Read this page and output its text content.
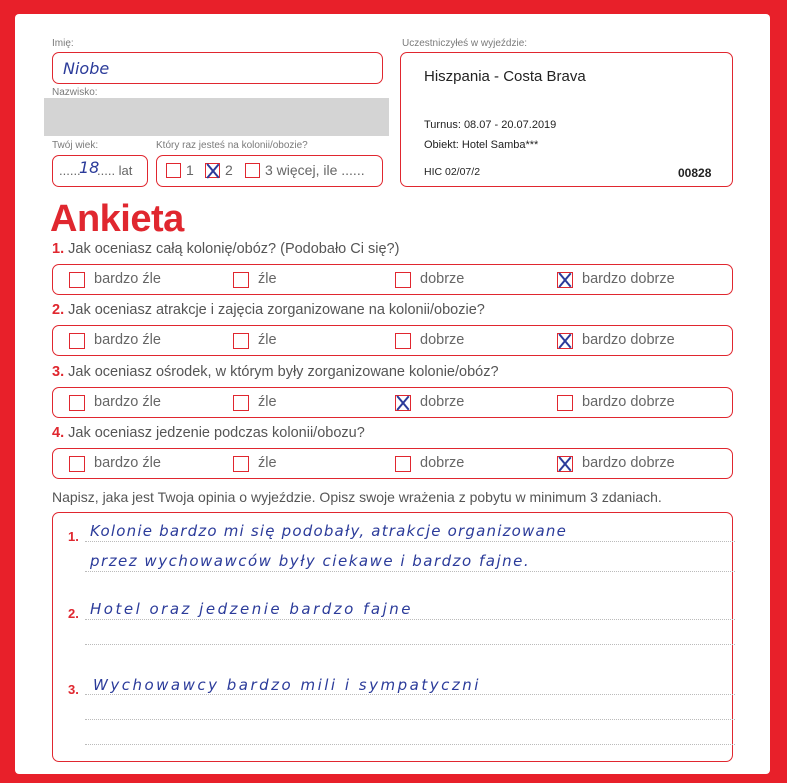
Imię:
Niobe
Nazwisko:
Twój wiek:
......
18
..... lat
Który raz jesteś na kolonii/obozie?
1 2 3 więcej, ile ......
Uczestniczyłeś w wyjeździe:
Hiszpania - Costa Brava
Turnus: 08.07 - 20.07.2019
Obiekt: Hotel Samba***
HIC 02/07/2	00828
Ankieta
1. Jak oceniasz całą kolonię/obóz? (Podobało Ci się?)
bardzo źle	źle	dobrze	bardzo dobrze
2. Jak oceniasz atrakcje i zajęcia zorganizowane na kolonii/obozie?
bardzo źle	źle	dobrze	bardzo dobrze
3. Jak oceniasz ośrodek, w którym były zorganizowane kolonie/obóz?
bardzo źle	źle	dobrze	bardzo dobrze
4. Jak oceniasz jedzenie podczas kolonii/obozu?
bardzo źle	źle	dobrze	bardzo dobrze
Napisz, jaka jest Twoja opinia o wyjeździe. Opisz swoje wrażenia z pobytu w minimum 3 zdaniach.
1. Kolonie bardzo mi się podobały, atrakcje organizowane
przez wychowawców były ciekawe i bardzo fajne.
2. Hotel oraz jedzenie bardzo fajne
3. Wychowawcy bardzo mili i sympatyczni
